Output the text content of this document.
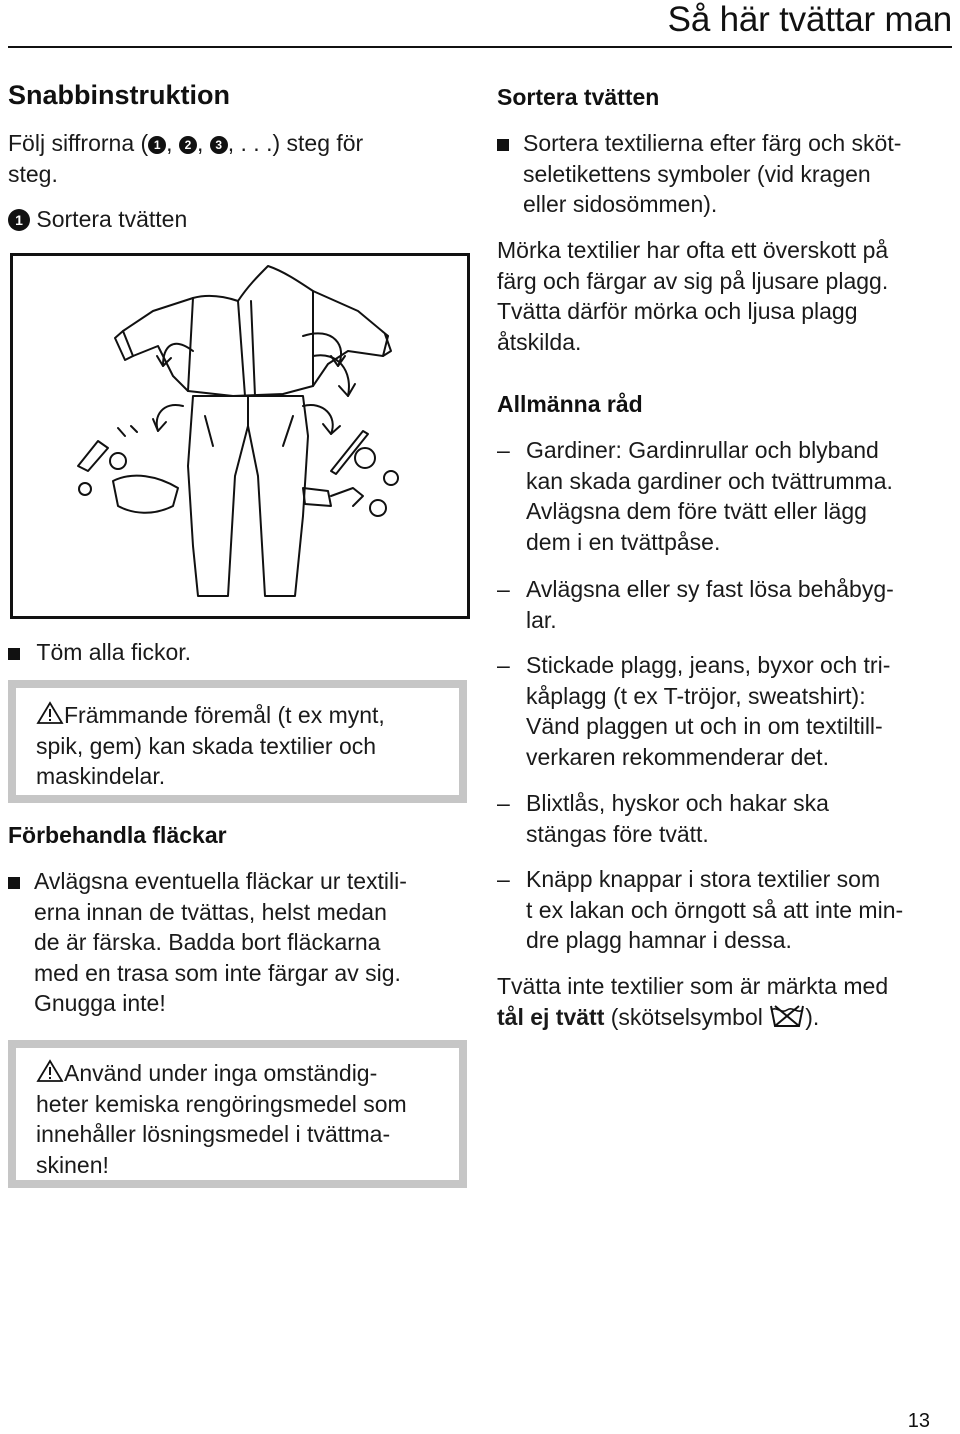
Så här tvättar man
Snabbinstruktion
Följ siffrorna ( 1 , 2 , 3 , . . .) steg för
steg.
1 Sortera tvätten
Töm alla fickor.
Främmande föremål (t ex mynt,
spik, gem) kan skada textilier och
maskindelar.
Förbehandla fläckar
Avlägsna eventuella fläckar ur textili-
erna innan de tvättas, helst medan
de är färska. Badda bort fläckarna
med en trasa som inte färgar av sig.
Gnugga inte!
Använd under inga omständig-
heter kemiska rengöringsmedel som
innehåller lösningsmedel i tvättma-
skinen!
Sortera tvätten
Sortera textilierna efter färg och sköt-
seletikettens symboler (vid kragen
eller sidosömmen).
Mörka textilier har ofta ett överskott på
färg och färgar av sig på ljusare plagg.
Tvätta därför mörka och ljusa plagg
åtskilda.
Allmänna råd
– Gardiner: Gardinrullar och blyband
kan skada gardiner och tvättrumma.
Avlägsna dem före tvätt eller lägg
dem i en tvättpåse.
– Avlägsna eller sy fast lösa behåbyg-
lar.
– Stickade plagg, jeans, byxor och tri-
kåplagg (t ex T-tröjor, sweatshirt):
Vänd plaggen ut och in om textiltill-
verkaren rekommenderar det.
– Blixtlås, hyskor och hakar ska
stängas före tvätt.
– Knäpp knappar i stora textilier som
t ex lakan och örngott så att inte min-
dre plagg hamnar i dessa.
Tvätta inte textilier som är märkta med
tål ej tvätt (skötselsymbol ).
13
